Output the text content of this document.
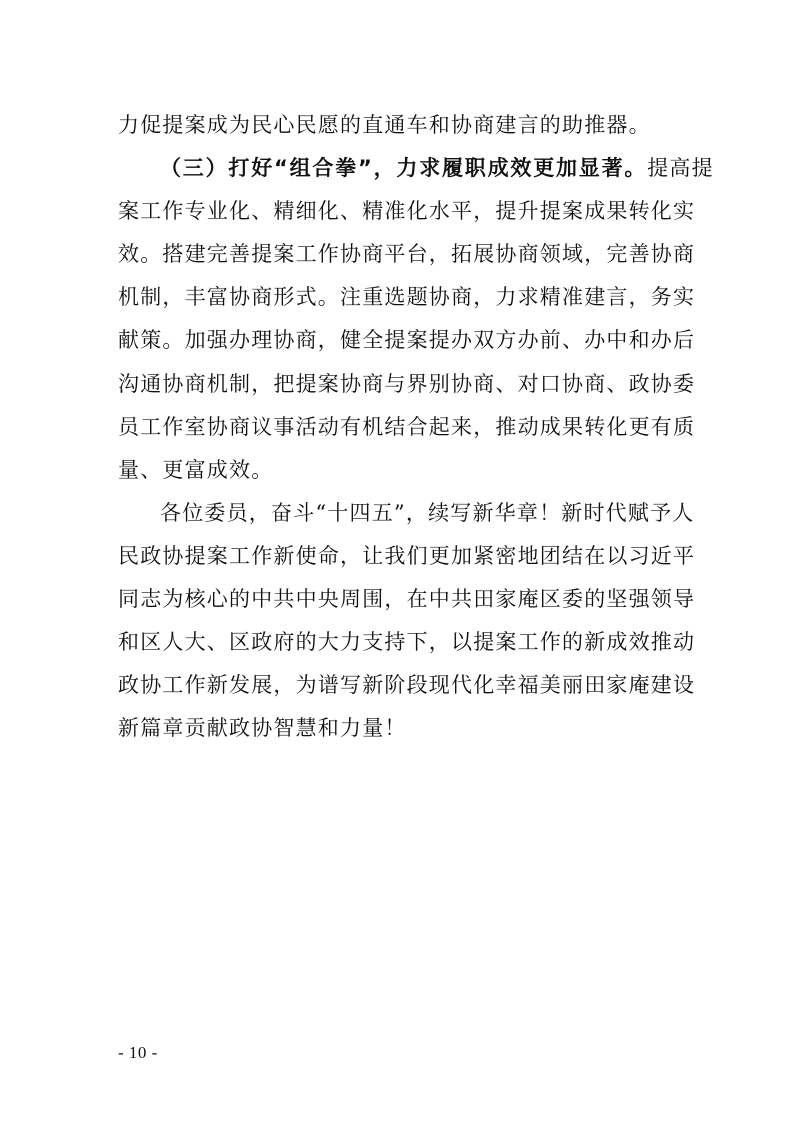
力促提案成为民心民愿的直通车和协商建言的助推器。
（三）打好“组合拳”，力求履职成效更加显著。提高提
案工作专业化、精细化、精准化水平，提升提案成果转化实
效。搭建完善提案工作协商平台，拓展协商领域，完善协商
机制，丰富协商形式。注重选题协商，力求精准建言，务实
献策。加强办理协商，健全提案提办双方办前、办中和办后
沟通协商机制，把提案协商与界别协商、对口协商、政协委
员工作室协商议事活动有机结合起来，推动成果转化更有质
量、更富成效。
各位委员，奋斗“十四五”，续写新华章！新时代赋予人
民政协提案工作新使命，让我们更加紧密地团结在以习近平
同志为核心的中共中央周围，在中共田家庵区委的坚强领导
和区人大、区政府的大力支持下，以提案工作的新成效推动
政协工作新发展，为谱写新阶段现代化幸福美丽田家庵建设
新篇章贡献政协智慧和力量！
- 10 -
